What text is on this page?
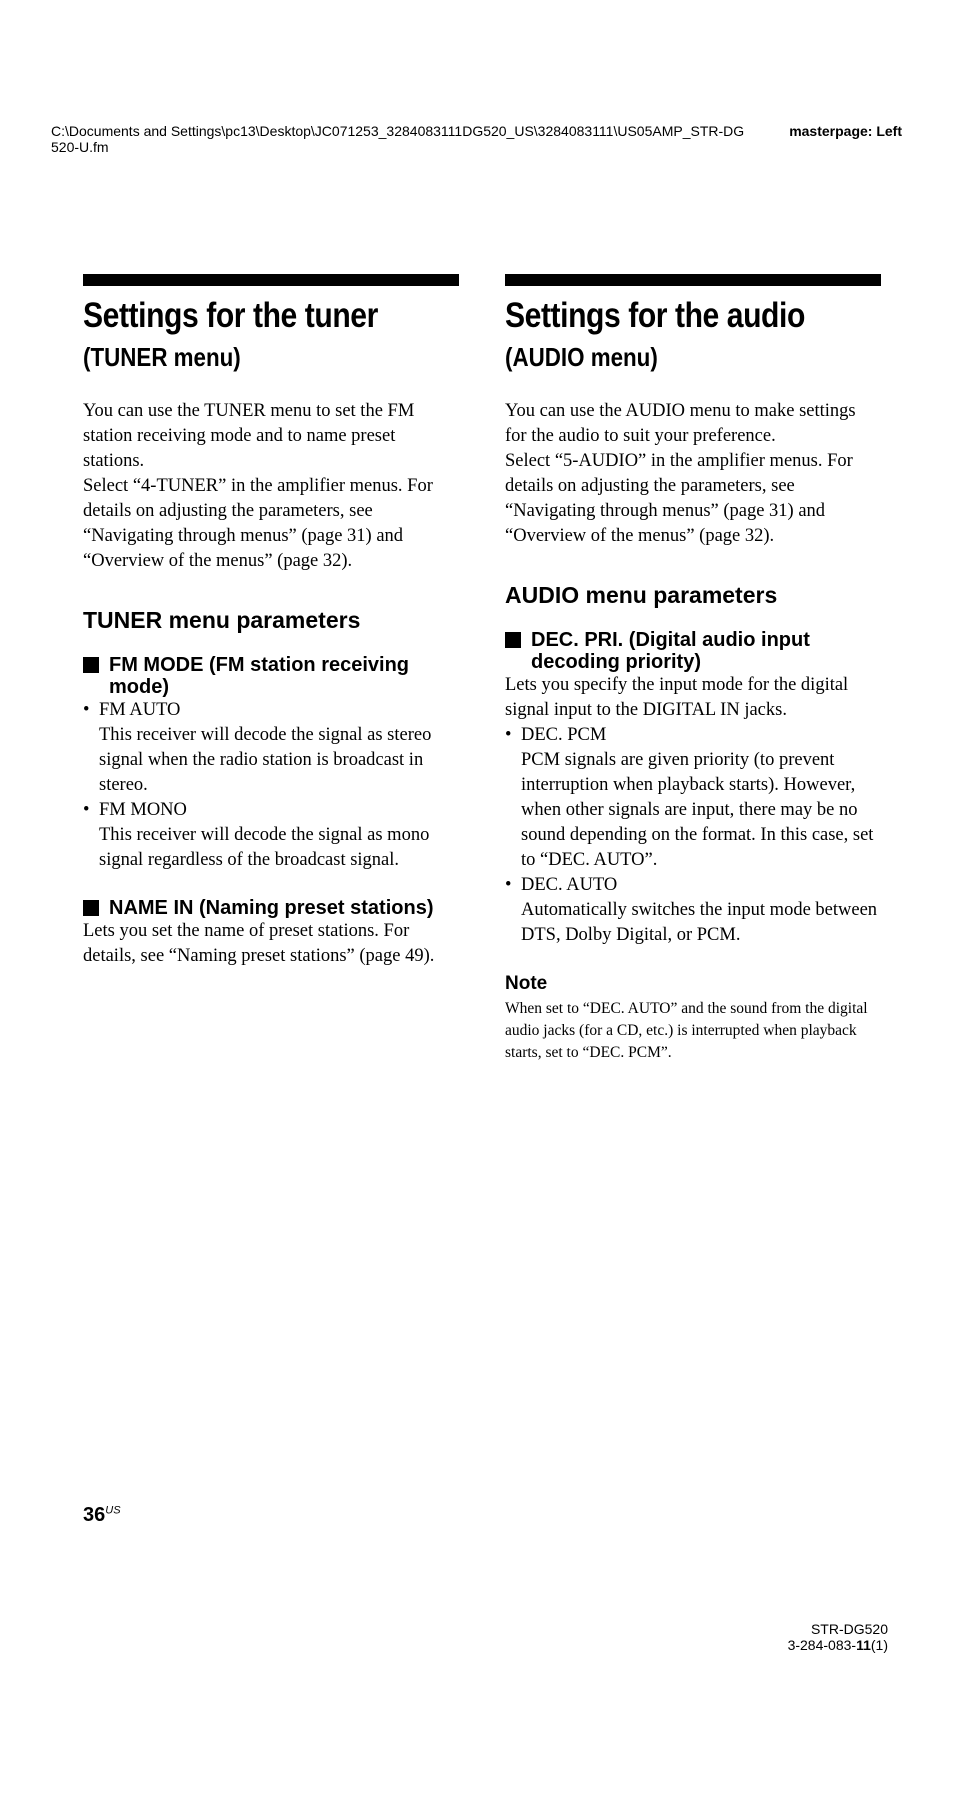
C:\Documents and Settings\pc13\Desktop\JC071253_3284083111DG520_US\3284083111\US05AMP_STR-DG520-U.fm
masterpage: Left
Settings for the tuner
(TUNER menu)

You can use the TUNER menu to set the FM station receiving mode and to name preset stations.

Select “4-TUNER” in the amplifier menus. For details on adjusting the parameters, see “Navigating through menus” (page 31) and “Overview of the menus” (page 32).

TUNER menu parameters
FM MODE (FM station receiving mode)
• FM AUTO
This receiver will decode the signal as stereo signal when the radio station is broadcast in stereo.
• FM MONO
This receiver will decode the signal as mono signal regardless of the broadcast signal.
NAME IN (Naming preset stations)

Lets you set the name of preset stations. For details, see “Naming preset stations” (page 49).

Settings for the audio
(AUDIO menu)

You can use the AUDIO menu to make settings for the audio to suit your preference.

Select “5-AUDIO” in the amplifier menus. For details on adjusting the parameters, see “Navigating through menus” (page 31) and “Overview of the menus” (page 32).

AUDIO menu parameters
DEC. PRI. (Digital audio input decoding priority)

Lets you specify the input mode for the digital signal input to the DIGITAL IN jacks.

• DEC. PCM
PCM signals are given priority (to prevent interruption when playback starts). However, when other signals are input, there may be no sound depending on the format. In this case, set to “DEC. AUTO”.
• DEC. AUTO
Automatically switches the input mode between DTS, Dolby Digital, or PCM.
Note
When set to “DEC. AUTO” and the sound from the digital audio jacks (for a CD, etc.) is interrupted when playback starts, set to “DEC. PCM”.
$36^{US}$
STR-DG520
3-284-083-11(1)
